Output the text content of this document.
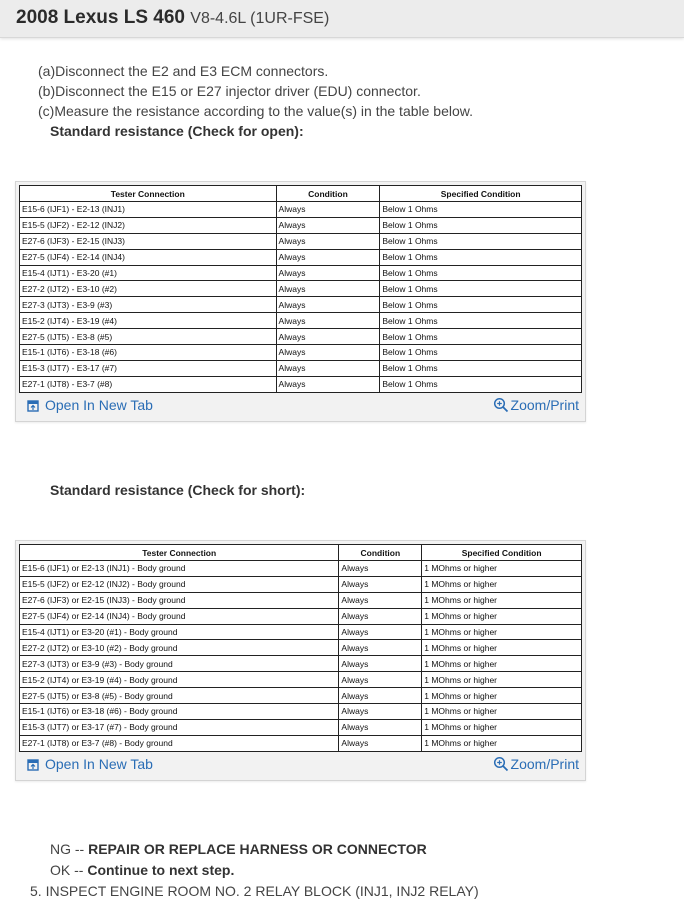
2008 Lexus LS 460 V8-4.6L (1UR-FSE)
(a)Disconnect the E2 and E3 ECM connectors.
(b)Disconnect the E15 or E27 injector driver (EDU) connector.
(c)Measure the resistance according to the value(s) in the table below.
Standard resistance (Check for open):
Tester Connection	Condition	Specified Condition
E15-6 (IJF1) - E2-13 (INJ1)	Always	Below 1 Ohms
E15-5 (IJF2) - E2-12 (INJ2)	Always	Below 1 Ohms
E27-6 (IJF3) - E2-15 (INJ3)	Always	Below 1 Ohms
E27-5 (IJF4) - E2-14 (INJ4)	Always	Below 1 Ohms
E15-4 (IJT1) - E3-20 (#1)	Always	Below 1 Ohms
E27-2 (IJT2) - E3-10 (#2)	Always	Below 1 Ohms
E27-3 (IJT3) - E3-9 (#3)	Always	Below 1 Ohms
E15-2 (IJT4) - E3-19 (#4)	Always	Below 1 Ohms
E27-5 (IJT5) - E3-8 (#5)	Always	Below 1 Ohms
E15-1 (IJT6) - E3-18 (#6)	Always	Below 1 Ohms
E15-3 (IJT7) - E3-17 (#7)	Always	Below 1 Ohms
E27-1 (IJT8) - E3-7 (#8)	Always	Below 1 Ohms
Open In New Tab	Zoom/Print
Standard resistance (Check for short):
Tester Connection	Condition	Specified Condition
E15-6 (IJF1) or E2-13 (INJ1) - Body ground	Always	1 MOhms or higher
E15-5 (IJF2) or E2-12 (INJ2) - Body ground	Always	1 MOhms or higher
E27-6 (IJF3) or E2-15 (INJ3) - Body ground	Always	1 MOhms or higher
E27-5 (IJF4) or E2-14 (INJ4) - Body ground	Always	1 MOhms or higher
E15-4 (IJT1) or E3-20 (#1) - Body ground	Always	1 MOhms or higher
E27-2 (IJT2) or E3-10 (#2) - Body ground	Always	1 MOhms or higher
E27-3 (IJT3) or E3-9 (#3) - Body ground	Always	1 MOhms or higher
E15-2 (IJT4) or E3-19 (#4) - Body ground	Always	1 MOhms or higher
E27-5 (IJT5) or E3-8 (#5) - Body ground	Always	1 MOhms or higher
E15-1 (IJT6) or E3-18 (#6) - Body ground	Always	1 MOhms or higher
E15-3 (IJT7) or E3-17 (#7) - Body ground	Always	1 MOhms or higher
E27-1 (IJT8) or E3-7 (#8) - Body ground	Always	1 MOhms or higher
Open In New Tab	Zoom/Print
NG -- REPAIR OR REPLACE HARNESS OR CONNECTOR
OK -- Continue to next step.
5. INSPECT ENGINE ROOM NO. 2 RELAY BLOCK (INJ1, INJ2 RELAY)
